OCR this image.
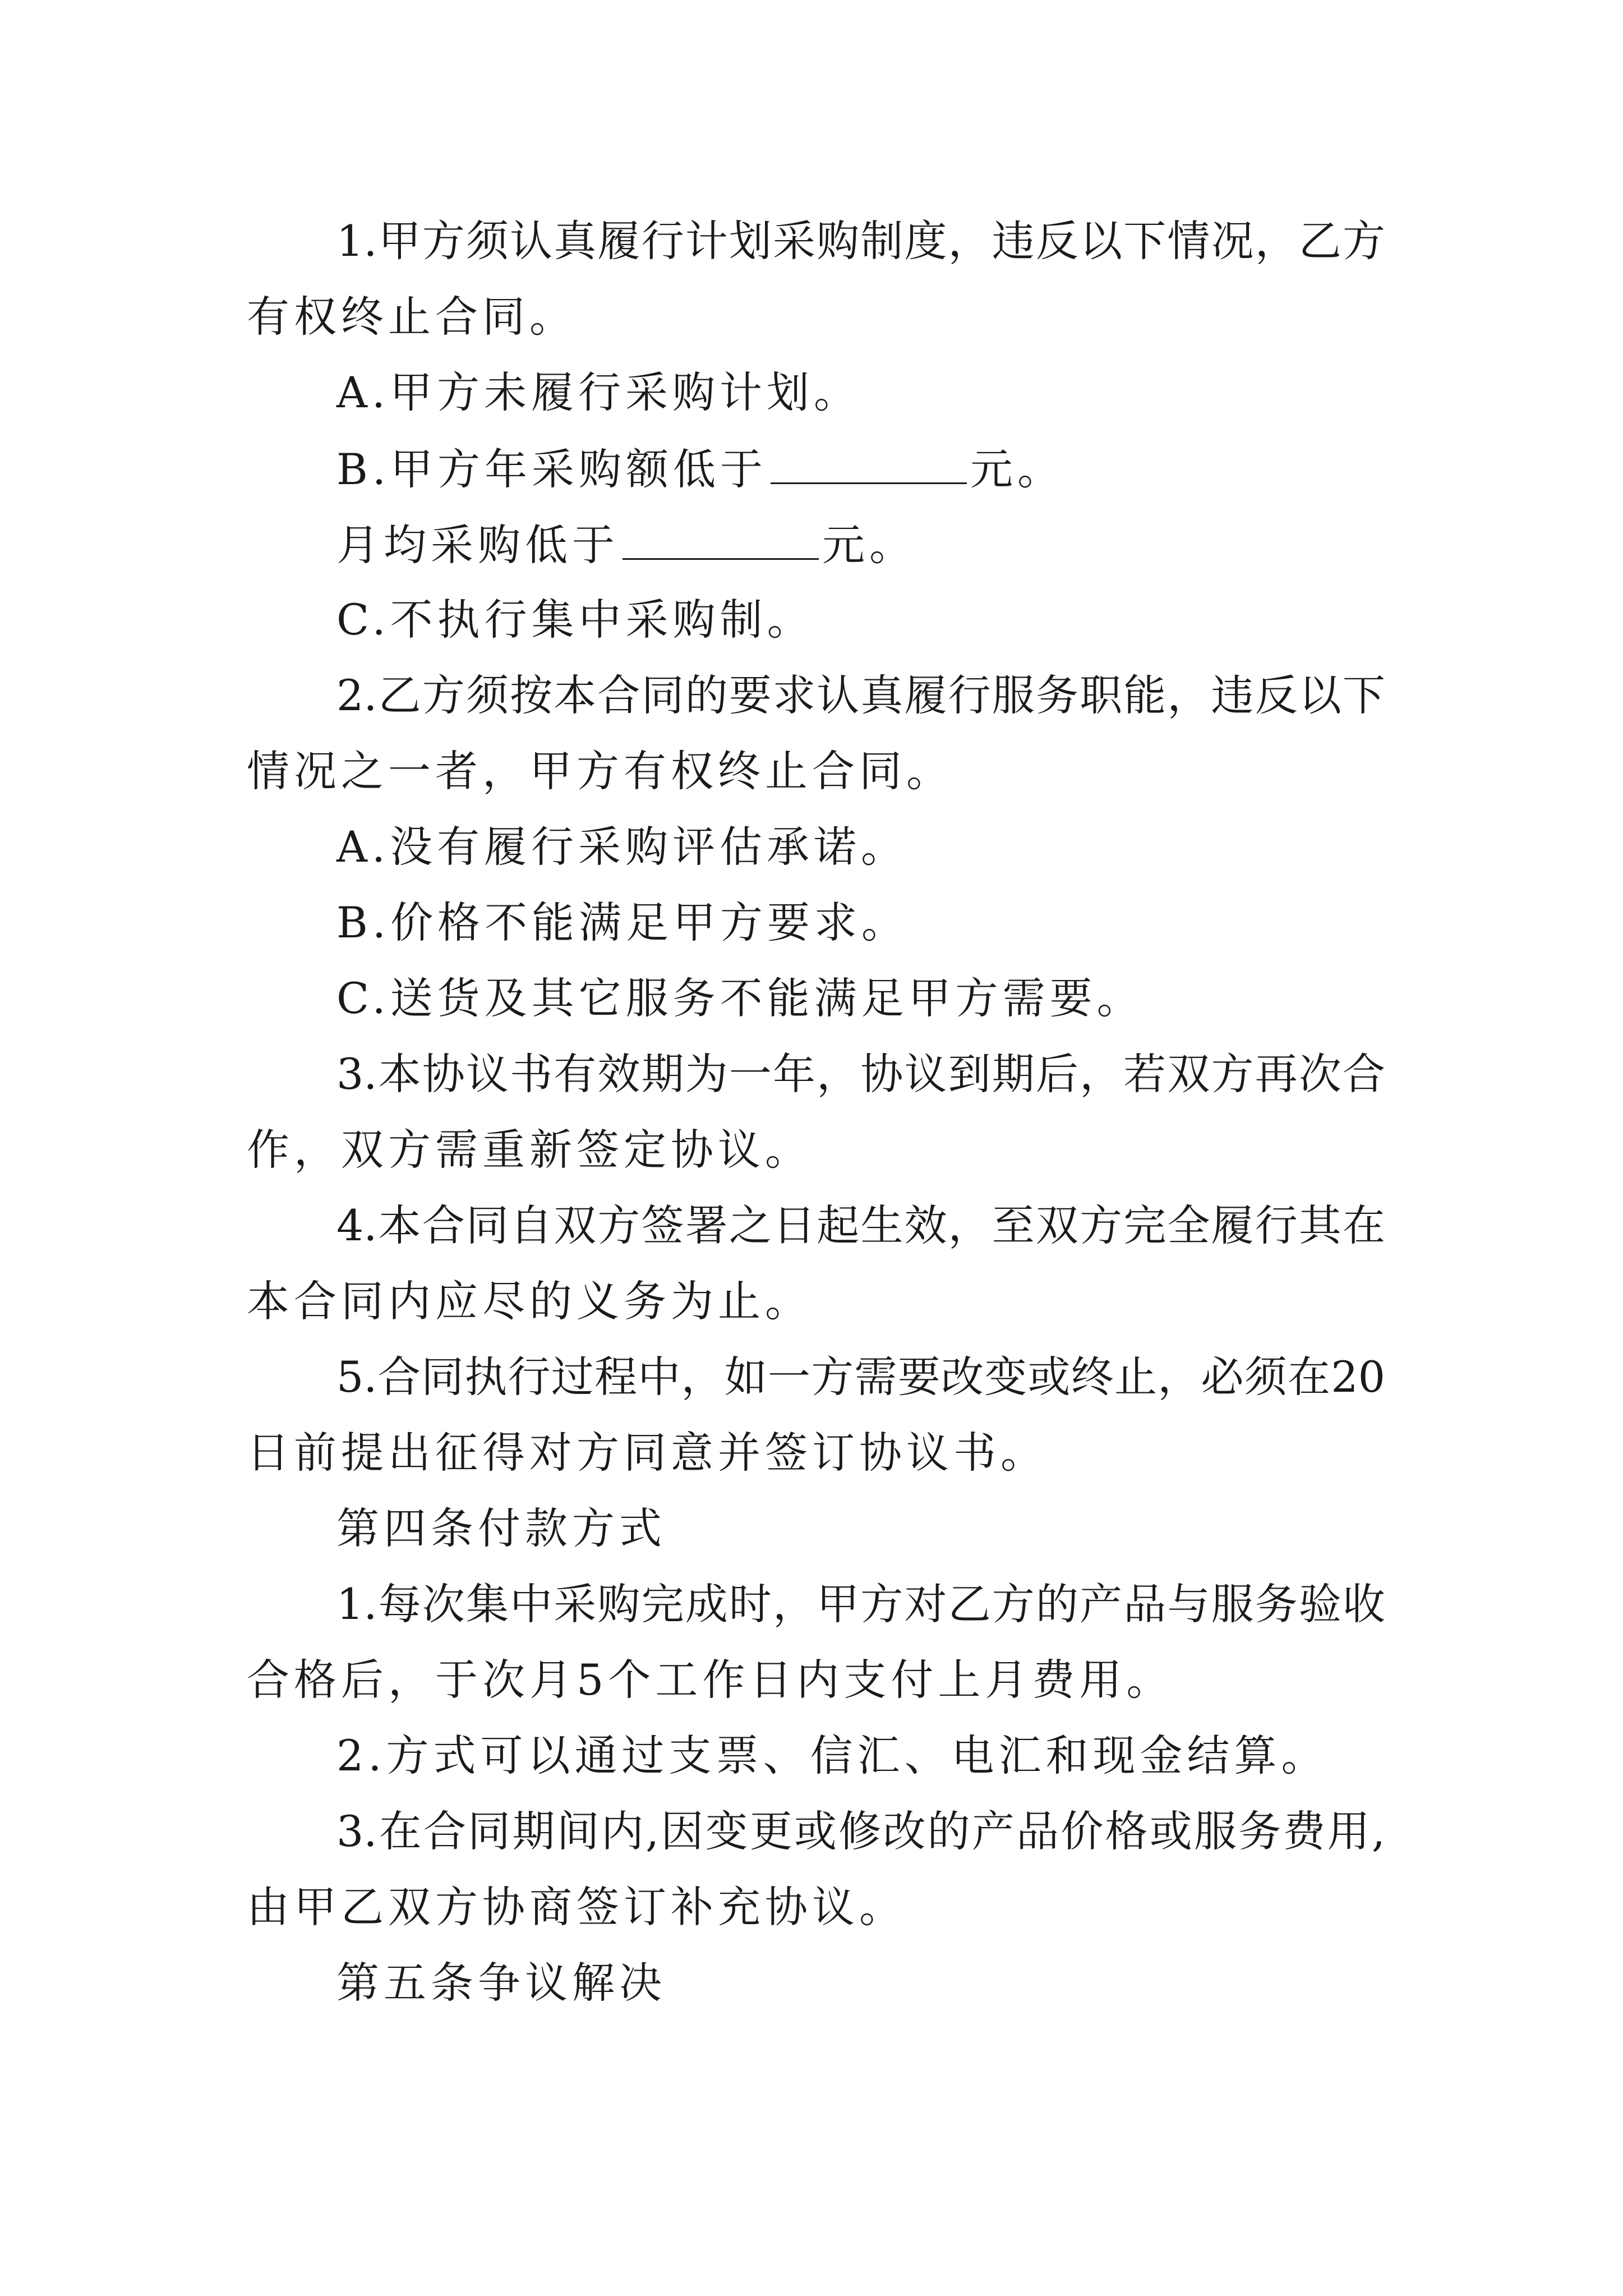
1.甲方须认真履行计划采购制度，违反以下情况，乙方
有权终止合同。
A.甲方未履行采购计划。
B.甲方年采购额低于	元。
月均采购低于	元。
C.不执行集中采购制。
2.乙方须按本合同的要求认真履行服务职能，违反以下
情况之一者，甲方有权终止合同。
A.没有履行采购评估承诺。
B.价格不能满足甲方要求。
C.送货及其它服务不能满足甲方需要。
3.本协议书有效期为一年，协议到期后，若双方再次合
作，双方需重新签定协议。
4.本合同自双方签署之日起生效，至双方完全履行其在
本合同内应尽的义务为止。
5.合同执行过程中，如一方需要改变或终止，必须在20
日前提出征得对方同意并签订协议书。
第四条付款方式
1.每次集中采购完成时，甲方对乙方的产品与服务验收
合格后，于次月5个工作日内支付上月费用。
2.方式可以通过支票、信汇、电汇和现金结算。
3.在合同期间内,因变更或修改的产品价格或服务费用,
由甲乙双方协商签订补充协议。
第五条争议解决
